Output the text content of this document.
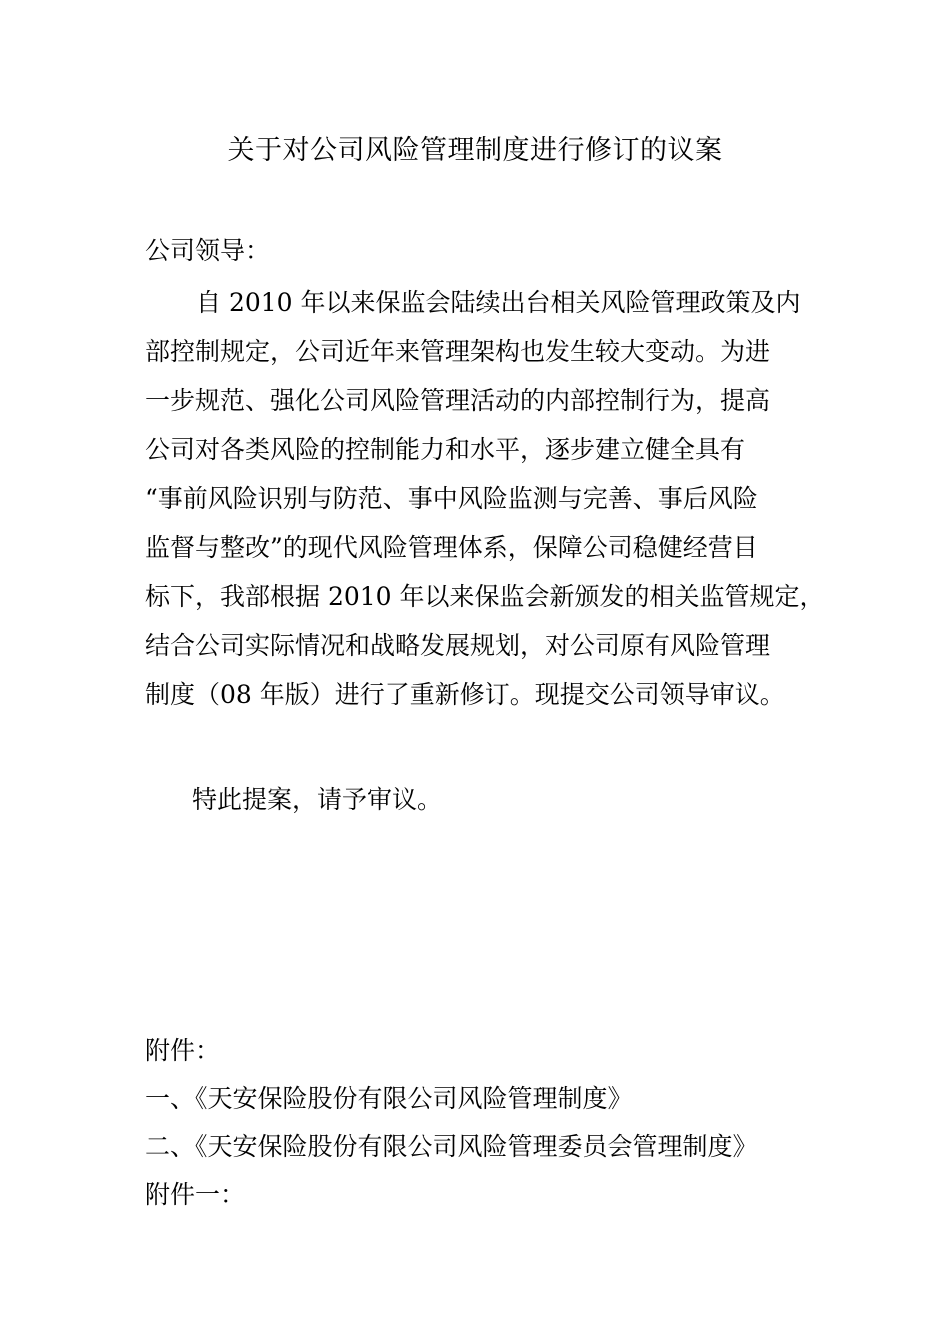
关于对公司风险管理制度进行修订的议案
公司领导：
自 2010 年以来保监会陆续出台相关风险管理政策及内
部控制规定，公司近年来管理架构也发生较大变动。为进
一步规范、强化公司风险管理活动的内部控制行为，提高
公司对各类风险的控制能力和水平，逐步建立健全具有
“事前风险识别与防范、事中风险监测与完善、事后风险
监督与整改”的现代风险管理体系，保障公司稳健经营目
标下，我部根据 2010 年以来保监会新颁发的相关监管规定，
结合公司实际情况和战略发展规划，对公司原有风险管理
制度（08 年版）进行了重新修订。现提交公司领导审议。
特此提案，请予审议。
附件：
一、《天安保险股份有限公司风险管理制度》
二、《天安保险股份有限公司风险管理委员会管理制度》
附件一：
